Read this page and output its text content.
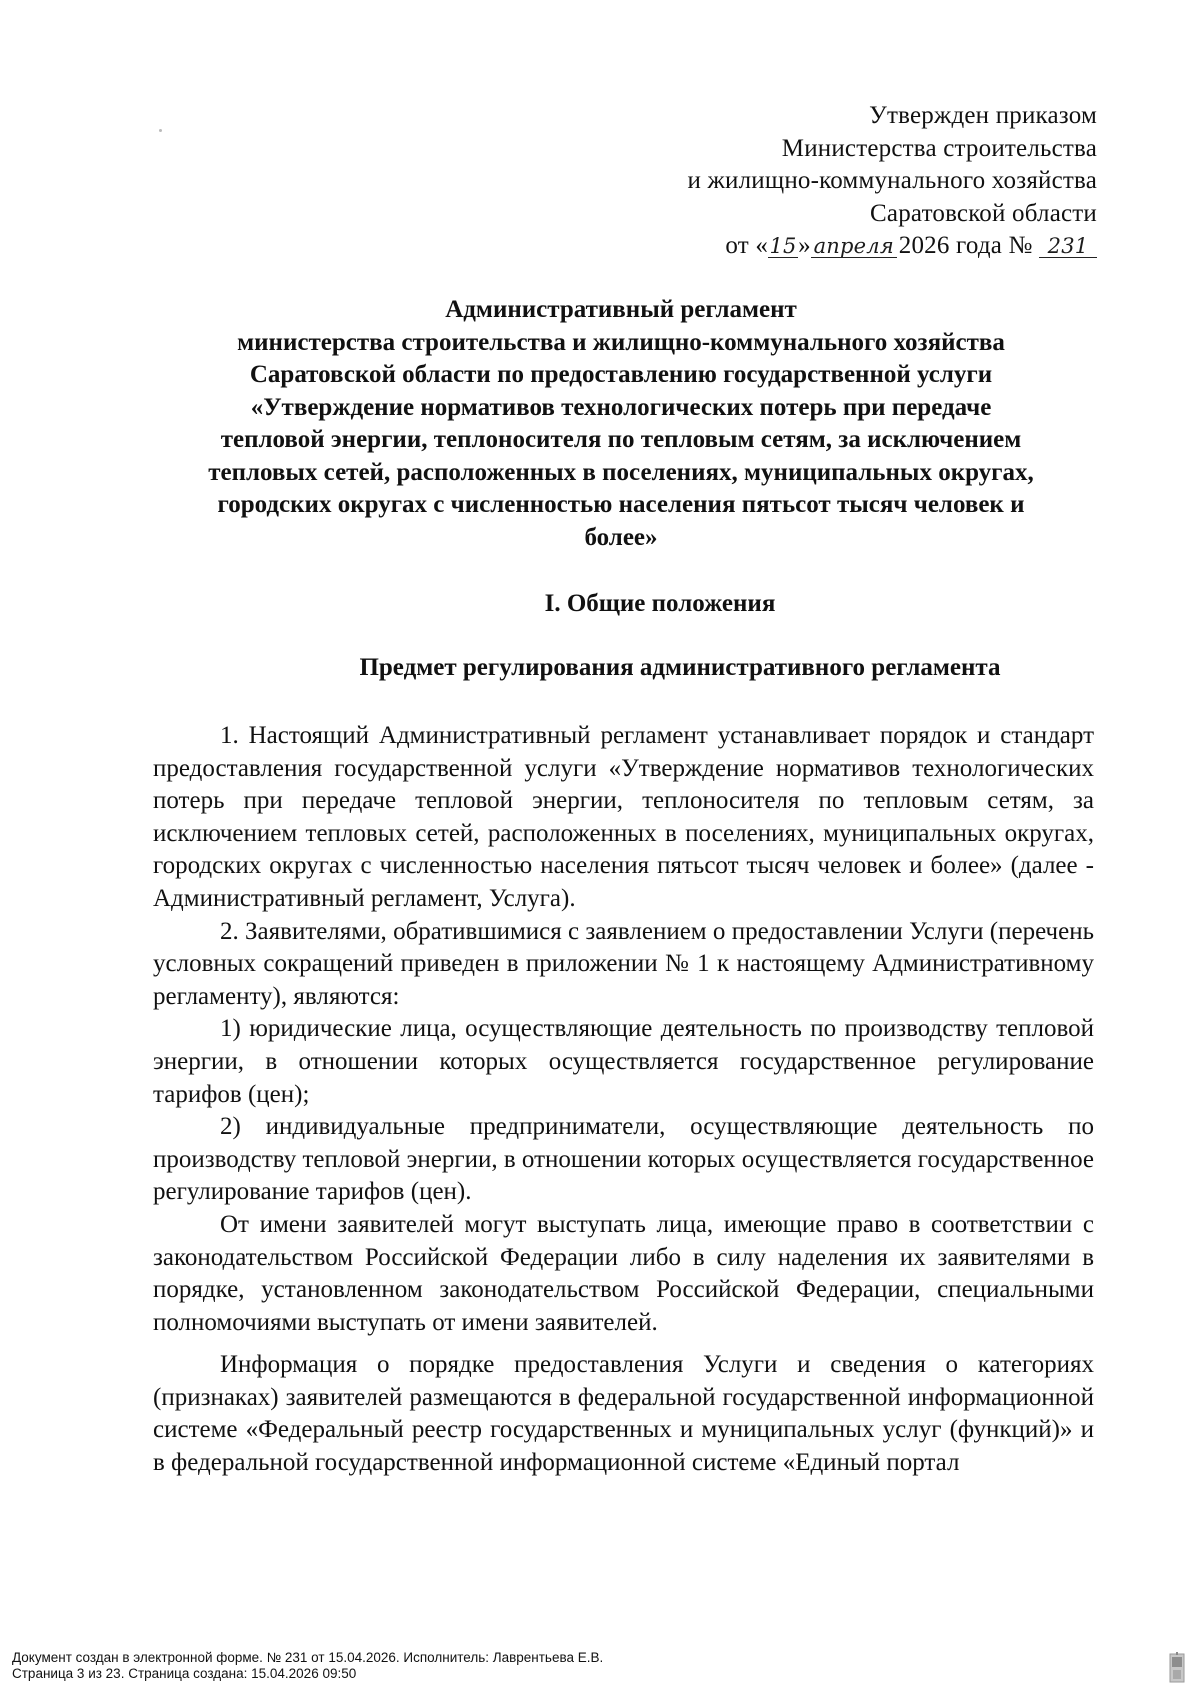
Утвержден приказом
Министерства строительства
и жилищно-коммунального хозяйства
Саратовской области
от «15» апреля 2026 года № 231
Административный регламент
министерства строительства и жилищно-коммунального хозяйства
Саратовской области по предоставлению государственной услуги
«Утверждение нормативов технологических потерь при передаче
тепловой энергии, теплоносителя по тепловым сетям, за исключением
тепловых сетей, расположенных в поселениях, муниципальных округах,
городских округах с численностью населения пятьсот тысяч человек и
более»
I. Общие положения
Предмет регулирования административного регламента

1. Настоящий Административный регламент устанавливает порядок и стандарт предоставления государственной услуги «Утверждение нормативов технологических потерь при передаче тепловой энергии, теплоносителя по тепловым сетям, за исключением тепловых сетей, расположенных в поселениях, муниципальных округах, городских округах с численностью населения пятьсот тысяч человек и более» (далее - Административный регламент, Услуга).

2. Заявителями, обратившимися с заявлением о предоставлении Услуги (перечень условных сокращений приведен в приложении № 1 к настоящему Административному регламенту), являются:

1) юридические лица, осуществляющие деятельность по производству тепловой энергии, в отношении которых осуществляется государственное регулирование тарифов (цен);

2) индивидуальные предприниматели, осуществляющие деятельность по производству тепловой энергии, в отношении которых осуществляется государственное регулирование тарифов (цен).

От имени заявителей могут выступать лица, имеющие право в соответствии с законодательством Российской Федерации либо в силу наделения их заявителями в порядке, установленном законодательством Российской Федерации, специальными полномочиями выступать от имени заявителей.

Информация о порядке предоставления Услуги и сведения о категориях (признаках) заявителей размещаются в федеральной государственной информационной системе «Федеральный реестр государственных и муниципальных услуг (функций)» и в федеральной государственной информационной системе «Единый портал

Документ создан в электронной форме. № 231 от 15.04.2026. Исполнитель: Лаврентьева Е.В.
Страница 3 из 23. Страница создана: 15.04.2026 09:50
